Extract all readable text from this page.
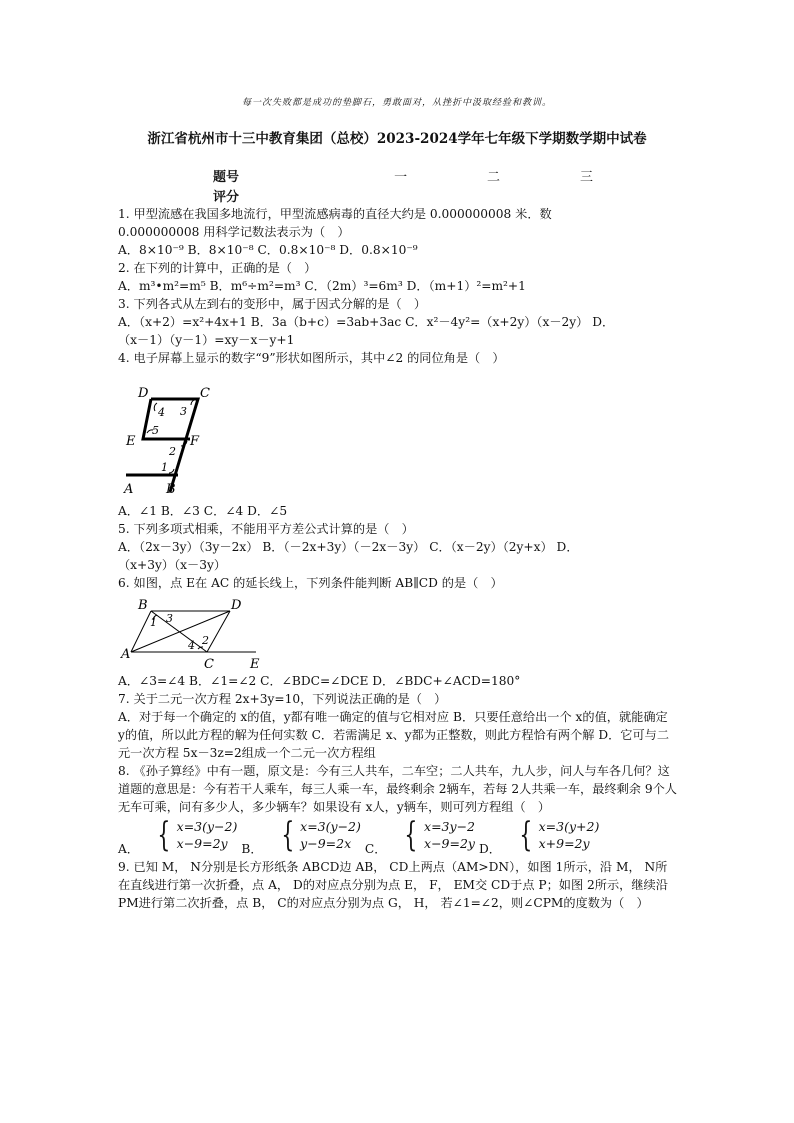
每一次失败都是成功的垫脚石，勇敢面对，从挫折中汲取经验和教训。
浙江省杭州市十三中教育集团（总校）2023-2024学年七年级下学期数学期中试卷
题号	一	二	三
评分
1. 甲型流感在我国多地流行，甲型流感病毒的直径大约是 0.000000008 米．数
0.000000008 用科学记数法表示为（　）
A．8×10⁻⁹ B．8×10⁻⁸ C．0.8×10⁻⁸ D．0.8×10⁻⁹
2. 在下列的计算中，正确的是（　）
A．m³•m²=m⁵ B．m⁶÷m²=m³ C．（2m）³=6m³ D．（m+1）²=m²+1
3. 下列各式从左到右的变形中，属于因式分解的是（　）
A．（x+2）=x²+4x+1 B．3a（b+c）=3ab+3ac C．x²－4y²=（x+2y）（x－2y） D．
（x－1）（y－1）=xy－x－y+1
4. 电子屏幕上显示的数字“9”形状如图所示，其中∠2 的同位角是（　）
D	C
E	F
A	B
1
2
3
4
5
A．∠1 B．∠3 C．∠4 D．∠5
5. 下列多项式相乘，不能用平方差公式计算的是（　）
A．（2x－3y）（3y－2x） B．（－2x+3y）（－2x－3y） C．（x－2y）（2y+x） D．
（x+3y）（x－3y）
6. 如图，点 E在 AC 的延长线上，下列条件能判断 AB∥CD 的是（　）
B	D
A
C	E
1
2
3
4
A．∠3=∠4 B．∠1=∠2 C．∠BDC=∠DCE D．∠BDC+∠ACD=180°
7. 关于二元一次方程 2x+3y=10，下列说法正确的是（　）
A．对于每一个确定的 x的值，y都有唯一确定的值与它相对应 B．只要任意给出一个 x的值，就能确定 y的值，所以此方程的解为任何实数 C．若需满足 x、y都为正整数，则此方程恰有两个解 D．它可与二元一次方程 5x－3z=2组成一个二元一次方程组
8. 《孙子算经》中有一题，原文是：今有三人共车，二车空；二人共车，九人步，问人与车各几何？这道题的意思是：今有若干人乘车，每三人乘一车，最终剩余 2辆车，若每 2人共乘一车，最终剩余 9个人无车可乘，问有多少人，多少辆车？如果设有 x人，y辆车，则可列方程组（　）
A． { x=3(y−2)
x−9=2y	B． { x=3(y−2)
y−9=2x	C． { x=3y−2
x−9=2y D． { x=3(y+2)
x+9=2y
9. 已知 M， N分别是长方形纸条 ABCD边 AB， CD上两点（AM>DN），如图 1所示，沿 M， N所在直线进行第一次折叠，点 A， D的对应点分别为点 E， F， EM交 CD于点 P；如图 2所示，继续沿 PM进行第二次折叠，点 B， C的对应点分别为点 G， H， 若∠1=∠2，则∠CPM的度数为（　）
